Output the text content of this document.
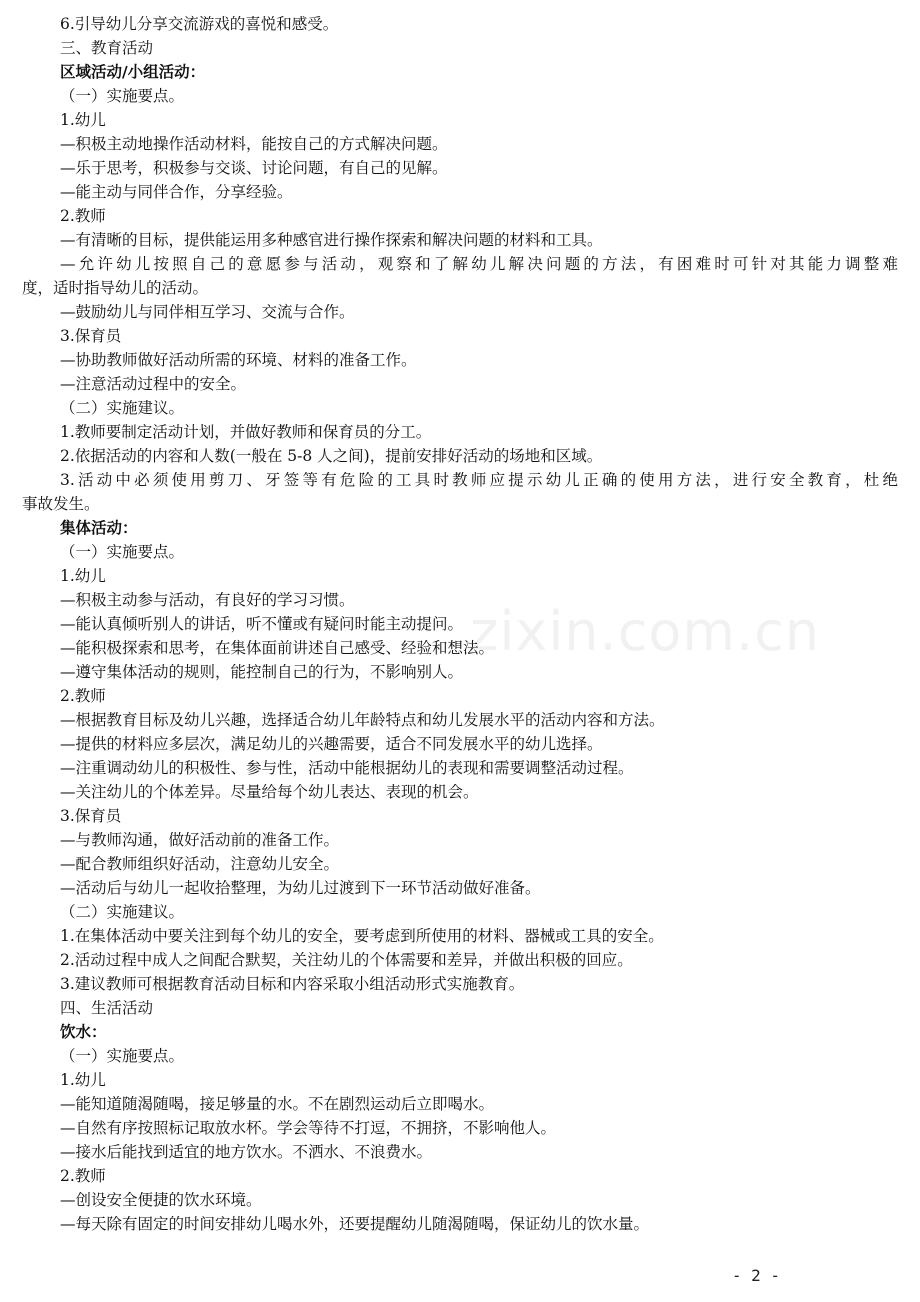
6.引导幼儿分享交流游戏的喜悦和感受。
三、教育活动
区域活动/小组活动：
（一）实施要点。
1.幼儿
—积极主动地操作活动材料，能按自己的方式解决问题。
—乐于思考，积极参与交谈、讨论问题，有自己的见解。
—能主动与同伴合作，分享经验。
2.教师
—有清晰的目标，提供能运用多种感官进行操作探索和解决问题的材料和工具。
—允许幼儿按照自己的意愿参与活动，观察和了解幼儿解决问题的方法，有困难时可针对其能力调整难
度，适时指导幼儿的活动。
—鼓励幼儿与同伴相互学习、交流与合作。
3.保育员
—协助教师做好活动所需的环境、材料的准备工作。
—注意活动过程中的安全。
（二）实施建议。
1.教师要制定活动计划，并做好教师和保育员的分工。
2.依据活动的内容和人数(一般在 5-8 人之间)，提前安排好活动的场地和区域。
3.活动中必须使用剪刀、牙签等有危险的工具时教师应提示幼儿正确的使用方法，进行安全教育，杜绝
事故发生。
集体活动：
（一）实施要点。
1.幼儿
—积极主动参与活动，有良好的学习习惯。
—能认真倾听别人的讲话，听不懂或有疑问时能主动提问。
—能积极探索和思考，在集体面前讲述自己感受、经验和想法。
—遵守集体活动的规则，能控制自己的行为，不影响别人。
2.教师
—根据教育目标及幼儿兴趣，选择适合幼儿年龄特点和幼儿发展水平的活动内容和方法。
—提供的材料应多层次，满足幼儿的兴趣需要，适合不同发展水平的幼儿选择。
—注重调动幼儿的积极性、参与性，活动中能根据幼儿的表现和需要调整活动过程。
—关注幼儿的个体差异。尽量给每个幼儿表达、表现的机会。
3.保育员
—与教师沟通，做好活动前的准备工作。
—配合教师组织好活动，注意幼儿安全。
—活动后与幼儿一起收拾整理，为幼儿过渡到下一环节活动做好准备。
（二）实施建议。
1.在集体活动中要关注到每个幼儿的安全，要考虑到所使用的材料、器械或工具的安全。
2.活动过程中成人之间配合默契，关注幼儿的个体需要和差异，并做出积极的回应。
3.建议教师可根据教育活动目标和内容采取小组活动形式实施教育。
四、生活活动
饮水：
（一）实施要点。
1.幼儿
—能知道随渴随喝，接足够量的水。不在剧烈运动后立即喝水。
—自然有序按照标记取放水杯。学会等待不打逗，不拥挤，不影响他人。
—接水后能找到适宜的地方饮水。不洒水、不浪费水。
2.教师
—创设安全便捷的饮水环境。
—每天除有固定的时间安排幼儿喝水外，还要提醒幼儿随渴随喝，保证幼儿的饮水量。
zixin.com.cn
- 2 -
